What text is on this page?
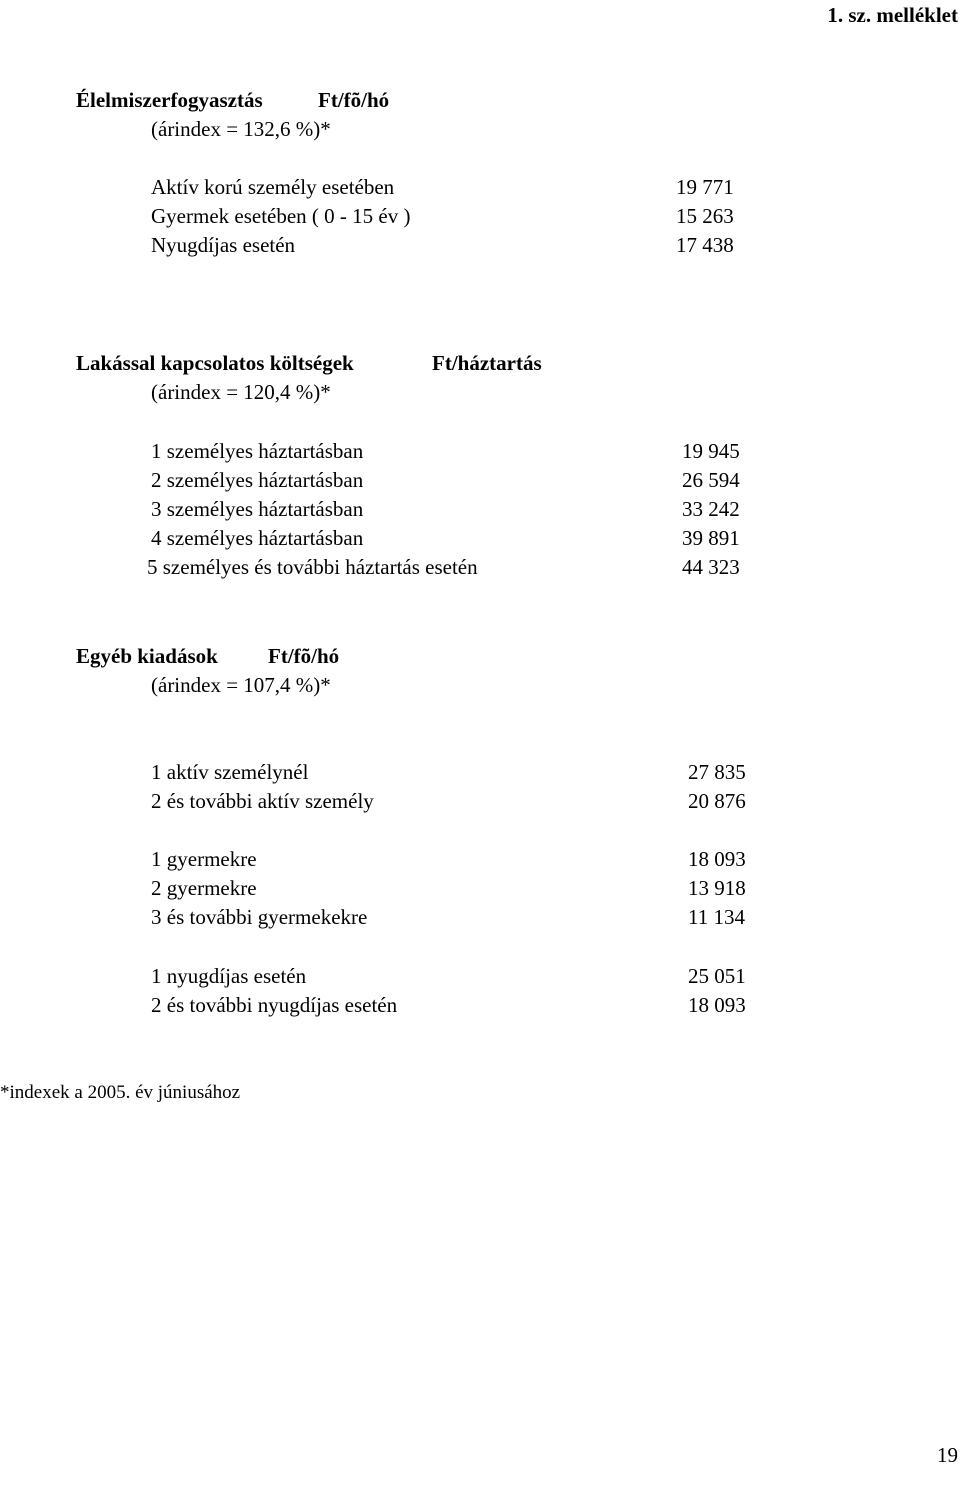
1. sz. melléklet
Élelmiszerfogyasztás	Ft/fõ/hó
(árindex = 132,6 %)*
Aktív korú személy esetében	19 771
Gyermek esetében ( 0 - 15 év )	15 263
Nyugdíjas esetén	17 438
Lakással kapcsolatos költségek	Ft/háztartás
(árindex = 120,4 %)*
1 személyes háztartásban	19 945
2 személyes háztartásban	26 594
3 személyes háztartásban	33 242
4 személyes háztartásban	39 891
5 személyes és további háztartás esetén	44 323
Egyéb kiadások Ft/fõ/hó
(árindex = 107,4 %)*
1 aktív személynél	27 835
2 és további aktív személy	20 876
1 gyermekre	18 093
2 gyermekre	13 918
3 és további gyermekekre	11 134
1 nyugdíjas esetén	25 051
2 és további nyugdíjas esetén	18 093
*indexek a 2005. év júniusához
19
